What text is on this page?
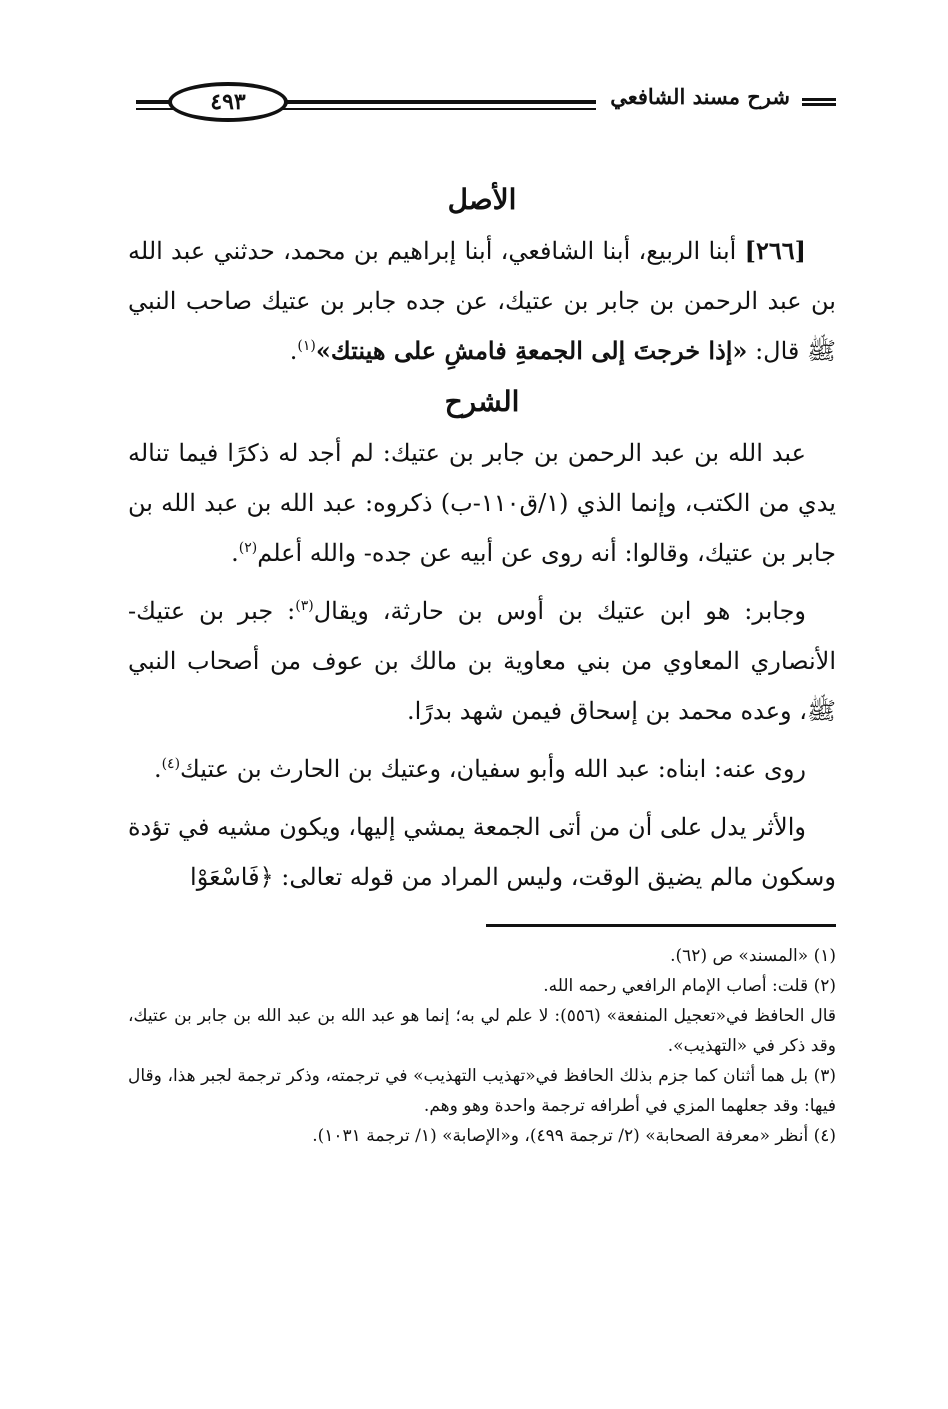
شرح مسند الشافعي
٤٩٣
الأصل

[٢٦٦] أبنا الربيع، أبنا الشافعي، أبنا إبراهيم بن محمد، حدثني عبد الله بن عبد الرحمن بن جابر بن عتيك، عن جده جابر بن عتيك صاحب النبي ﷺ قال: «إذا خرجتَ إلى الجمعةِ فامشِ على هينتك»$^{(١)}$.

الشرح

عبد الله بن عبد الرحمن بن جابر بن عتيك: لم أجد له ذكرًا فيما تناله يدي من الكتب، وإنما الذي (١/ق١١٠-ب) ذكروه: عبد الله بن عبد الله بن جابر بن عتيك، وقالوا: أنه روى عن أبيه عن جده- والله أعلم$^{(٢)}$.

وجابر: هو ابن عتيك بن أوس بن حارثة، ويقال$^{(٣)}$: جبر بن عتيك- الأنصاري المعاوي من بني معاوية بن مالك بن عوف من أصحاب النبي ﷺ، وعده محمد بن إسحاق فيمن شهد بدرًا.

روى عنه: ابناه: عبد الله وأبو سفيان، وعتيك بن الحارث بن عتيك$^{(٤)}$.

والأثر يدل على أن من أتى الجمعة يمشي إليها، ويكون مشيه في تؤدة وسكون مالم يضيق الوقت، وليس المراد من قوله تعالى: ﴿فَاسْعَوْا

(١) «المسند» ص (٦٢).

(٢) قلت: أصاب الإمام الرافعي رحمه الله.

قال الحافظ في«تعجيل المنفعة» (٥٥٦): لا علم لي به؛ إنما هو عبد الله بن عبد الله بن جابر بن عتيك، وقد ذكر في «التهذيب».

(٣) بل هما أثنان كما جزم بذلك الحافظ في«تهذيب التهذيب» في ترجمته، وذكر ترجمة لجبر هذا، وقال فيها: وقد جعلهما المزي في أطرافه ترجمة واحدة وهو وهم.

(٤) أنظر «معرفة الصحابة» (٢/ ترجمة ٤٩٩)، و«الإصابة» (١/ ترجمة ١٠٣١).
